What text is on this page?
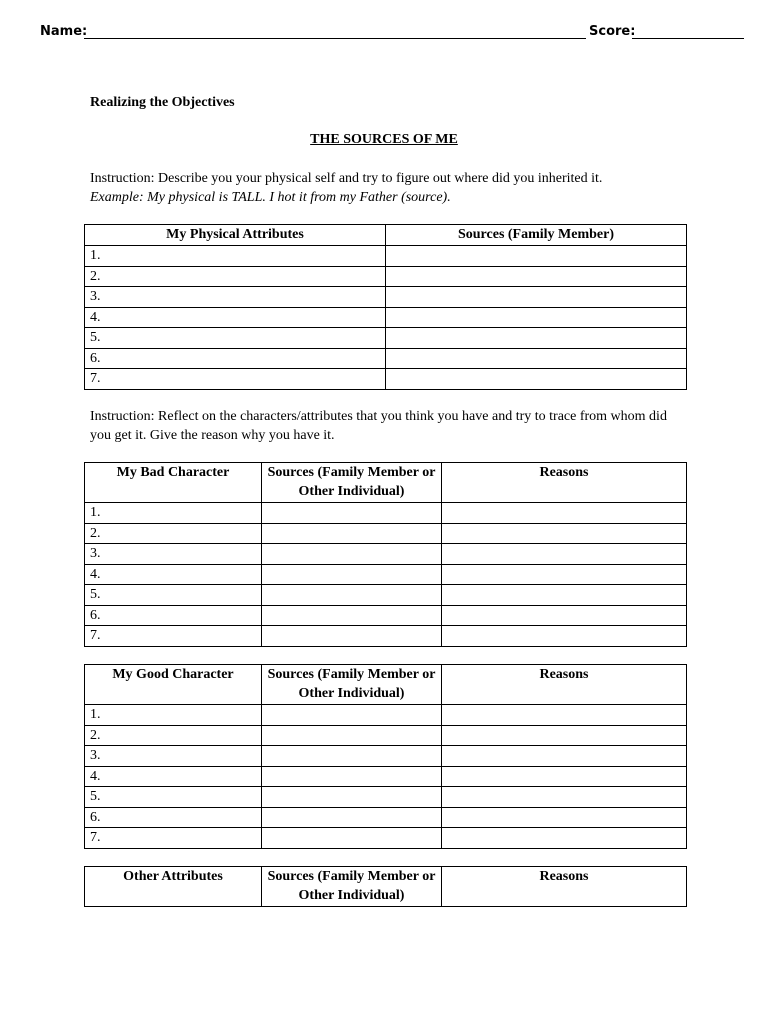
Name:	Score:
Realizing the Objectives
THE SOURCES OF ME
Instruction: Describe you your physical self and try to figure out where did you inherited it.
Example: My physical is TALL. I hot it from my Father (source).
My Physical Attributes	Sources (Family Member)
1.	
2.	
3.	
4.	
5.	
6.	
7.	
Instruction: Reflect on the characters/attributes that you think you have and try to trace from whom did you get it. Give the reason why you have it.
My Bad Character	Sources (Family Member or Other Individual)	Reasons
1.		
2.		
3.		
4.		
5.		
6.		
7.		
My Good Character	Sources (Family Member or Other Individual)	Reasons
1.		
2.		
3.		
4.		
5.		
6.		
7.		
Other Attributes	Sources (Family Member or Other Individual)	Reasons
